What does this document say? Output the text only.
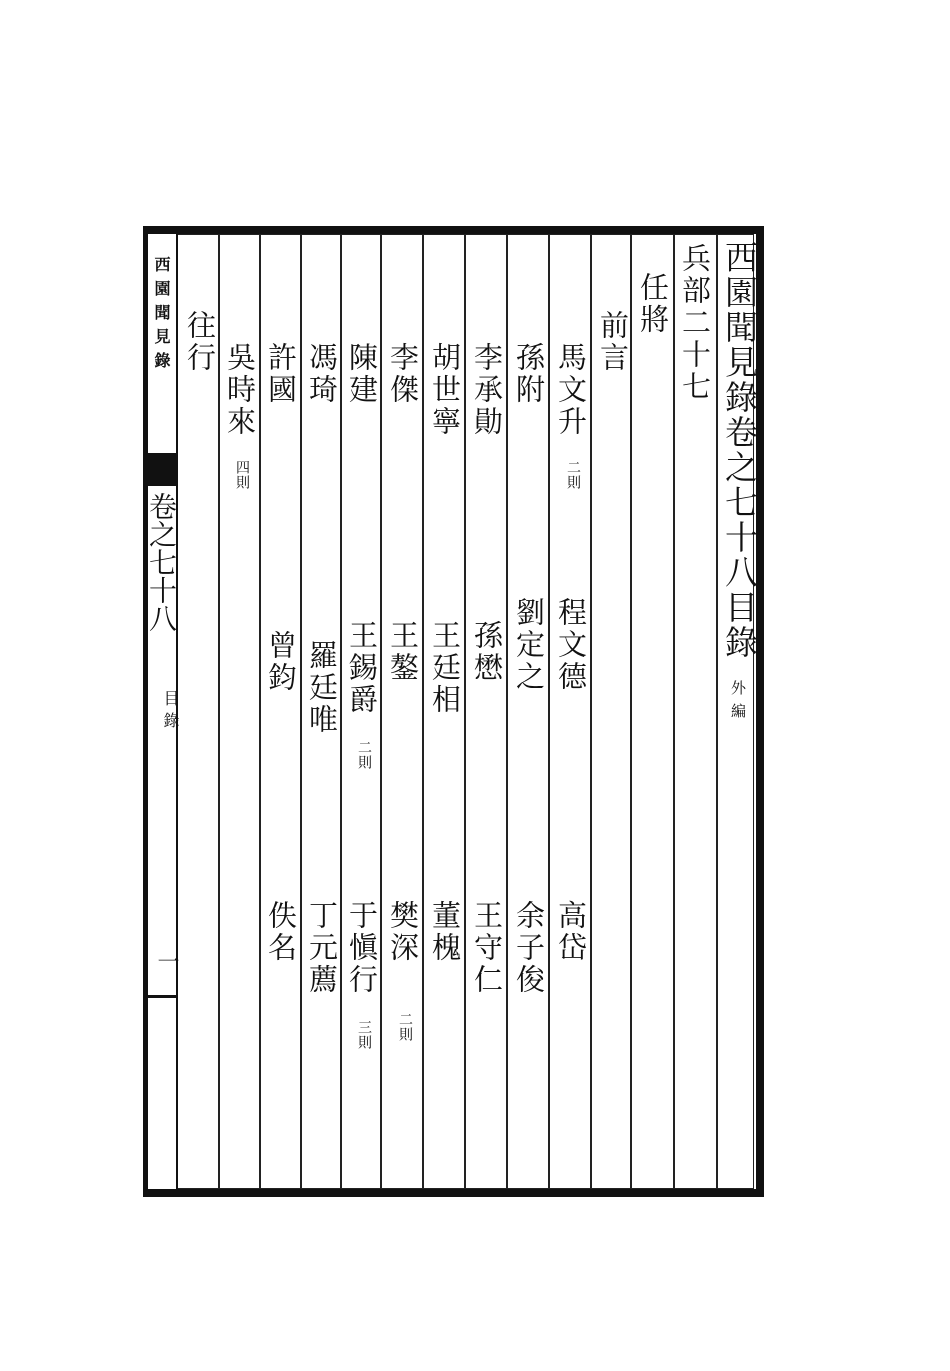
西園聞見錄卷之七十八目錄
外編
兵部二十七
任將
前言
馬文升
二則
程文德
高岱
孫附
劉定之
余子俊
李承勛
孫懋
王守仁
胡世寧
王廷相
董槐
李傑
王鏊
樊深
二則
陳建
王錫爵
二則
于愼行
三則
馮琦
羅廷唯
丁元薦
許國
曾鈞
佚名
吳時來
四則
往行
西園聞見錄
卷之七十八
目錄
一
